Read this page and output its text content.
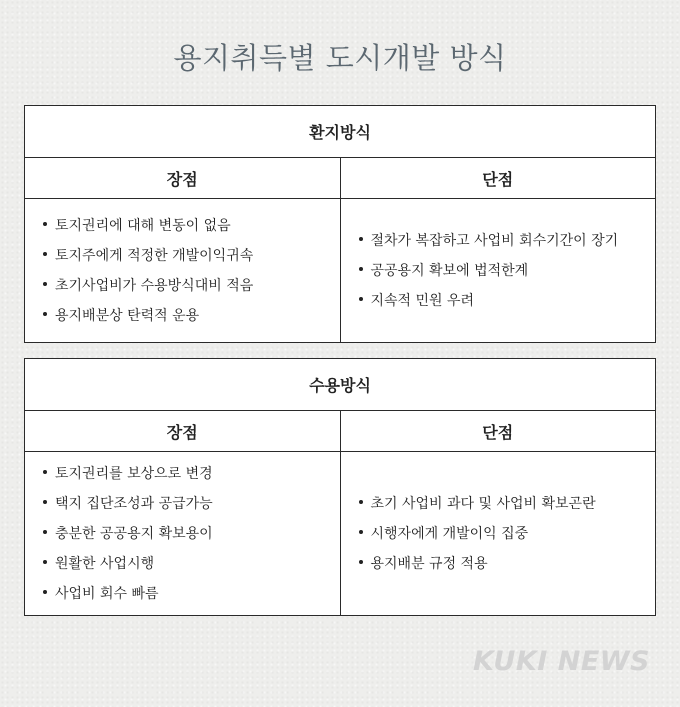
용지취득별 도시개발 방식
환지방식
장점
토지권리에 대해 변동이 없음
토지주에게 적정한 개발이익귀속
초기사업비가 수용방식대비 적음
용지배분상 탄력적 운용
단점
절차가 복잡하고 사업비 회수기간이 장기
공공용지 확보에 법적한계
지속적 민원 우려
수용방식
장점
토지권리를 보상으로 변경
택지 집단조성과 공급가능
충분한 공공용지 확보용이
원활한 사업시행
사업비 회수 빠름
단점
초기 사업비 과다 및 사업비 확보곤란
시행자에게 개발이익 집중
용지배분 규정 적용
KUKI NEWS
